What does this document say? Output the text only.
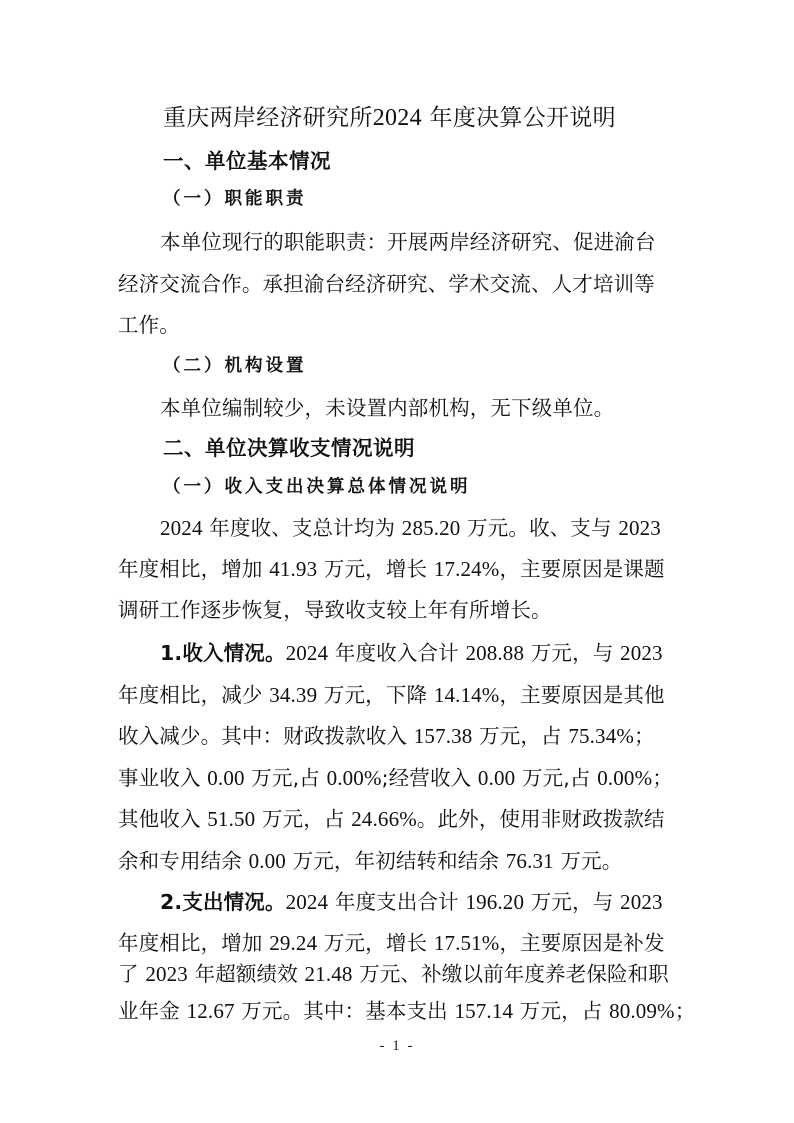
重庆两岸经济研究所2024 年度决算公开说明
一、单位基本情况
（一）职能职责
本单位现行的职能职责：开展两岸经济研究、促进渝台
经济交流合作。承担渝台经济研究、学术交流、人才培训等
工作。
（二）机构设置
本单位编制较少，未设置内部机构，无下级单位。
二、单位决算收支情况说明
（一）收入支出决算总体情况说明
2024 年度收、支总计均为 285.20 万元。收、支与 2023
年度相比，增加 41.93 万元，增长 17.24%，主要原因是课题
调研工作逐步恢复，导致收支较上年有所增长。
1.收入情况。2024 年度收入合计 208.88 万元，与 2023
年度相比，减少 34.39 万元，下降 14.14%，主要原因是其他
收入减少。其中：财政拨款收入 157.38 万元，占 75.34%；
事业收入 0.00 万元,占 0.00%;经营收入 0.00 万元,占 0.00%；
其他收入 51.50 万元，占 24.66%。此外，使用非财政拨款结
余和专用结余 0.00 万元，年初结转和结余 76.31 万元。
2.支出情况。2024 年度支出合计 196.20 万元，与 2023
年度相比，增加 29.24 万元，增长 17.51%，主要原因是补发
了 2023 年超额绩效 21.48 万元、补缴以前年度养老保险和职
业年金 12.67 万元。其中：基本支出 157.14 万元，占 80.09%；
- 1 -
